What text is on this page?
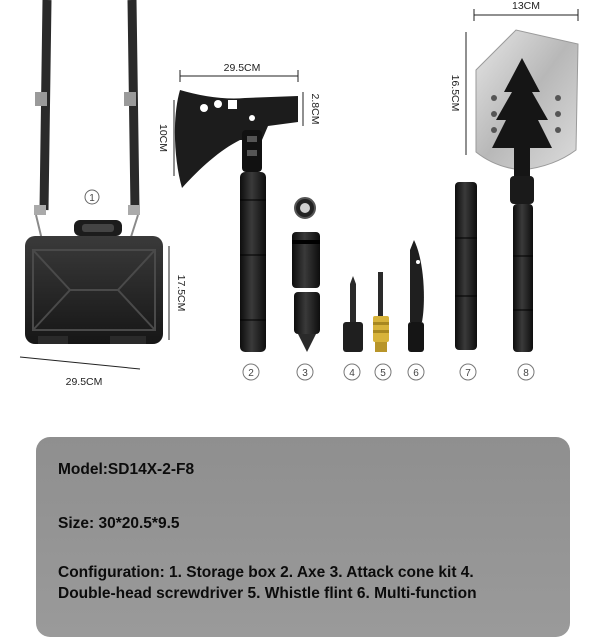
1
29.5CM
17.5CM
29.5CM
10CM
2.8CM
2	3	4	5	6	7
13CM
16.5CM
8
Model:SD14X-2-F8
Size: 30*20.5*9.5
Configuration: 1. Storage box 2. Axe 3. Attack cone kit 4.
Double-head screwdriver 5. Whistle flint 6. Multi-function
